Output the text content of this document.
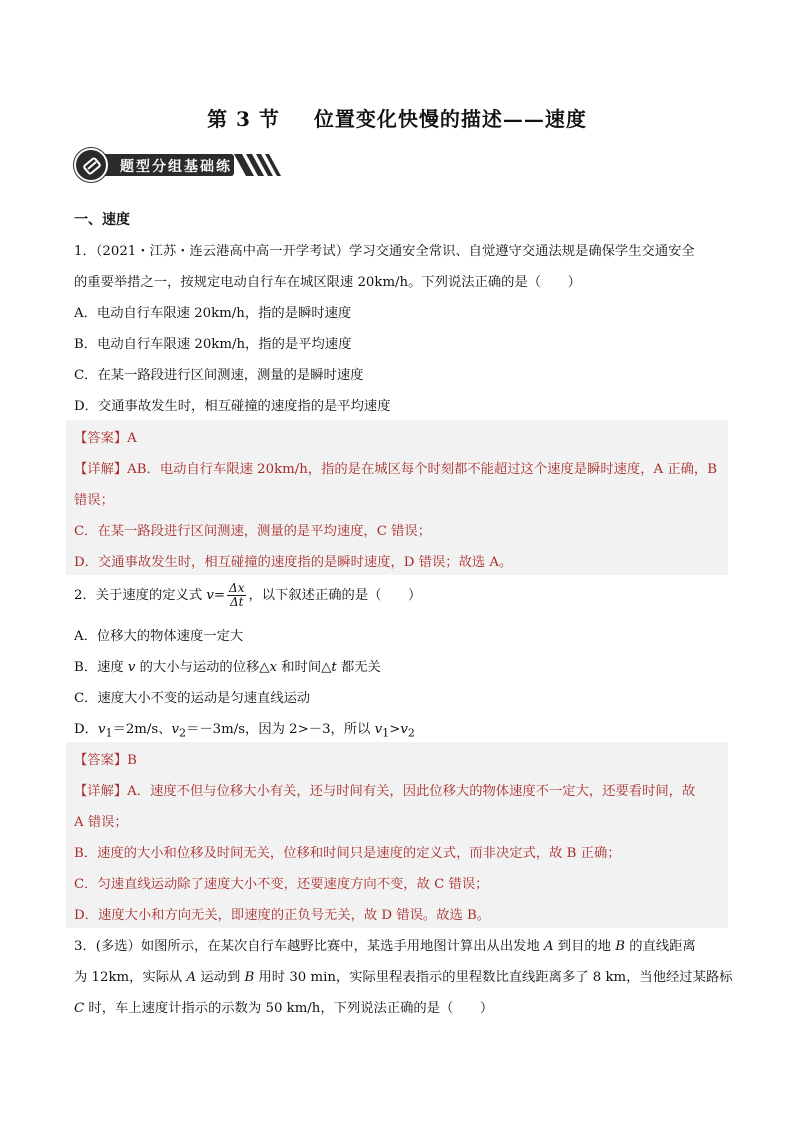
第 3 节 位置变化快慢的描述——速度
题型分组基础练
一、速度
1．（2021・江苏・连云港高中高一开学考试）学习交通安全常识、自觉遵守交通法规是确保学生交通安全
的重要举措之一，按规定电动自行车在城区限速 20km/h。下列说法正确的是（　　）
A．电动自行车限速 20km/h，指的是瞬时速度
B．电动自行车限速 20km/h，指的是平均速度
C．在某一路段进行区间测速，测量的是瞬时速度
D．交通事故发生时，相互碰撞的速度指的是平均速度
【答案】A
【详解】AB．电动自行车限速 20km/h，指的是在城区每个时刻都不能超过这个速度是瞬时速度，A 正确，B
错误；
C．在某一路段进行区间测速，测量的是平均速度，C 错误；
D．交通事故发生时，相互碰撞的速度指的是瞬时速度，D 错误；故选 A。
2．关于速度的定义式 $v= \frac{\Delta x}{\Delta t}$ ，以下叙述正确的是（　　）
A．位移大的物体速度一定大
B．速度 v 的大小与运动的位移△x 和时间△t 都无关
C．速度大小不变的运动是匀速直线运动
D．$v_1=2m/s$、$v_2=-3m/s$，因为 2>－3，所以 $v_1>v_2$
【答案】B
【详解】A．速度不但与位移大小有关，还与时间有关，因此位移大的物体速度不一定大，还要看时间，故
A 错误；
B．速度的大小和位移及时间无关，位移和时间只是速度的定义式，而非决定式，故 B 正确；
C．匀速直线运动除了速度大小不变，还要速度方向不变，故 C 错误；
D．速度大小和方向无关，即速度的正负号无关，故 D 错误。故选 B。
3．(多选）如图所示，在某次自行车越野比赛中，某选手用地图计算出从出发地 A 到目的地 B 的直线距离
为 12km，实际从 A 运动到 B 用时 30 min，实际里程表指示的里程数比直线距离多了 8 km，当他经过某路标
C 时，车上速度计指示的示数为 50 km/h，下列说法正确的是（　　）
